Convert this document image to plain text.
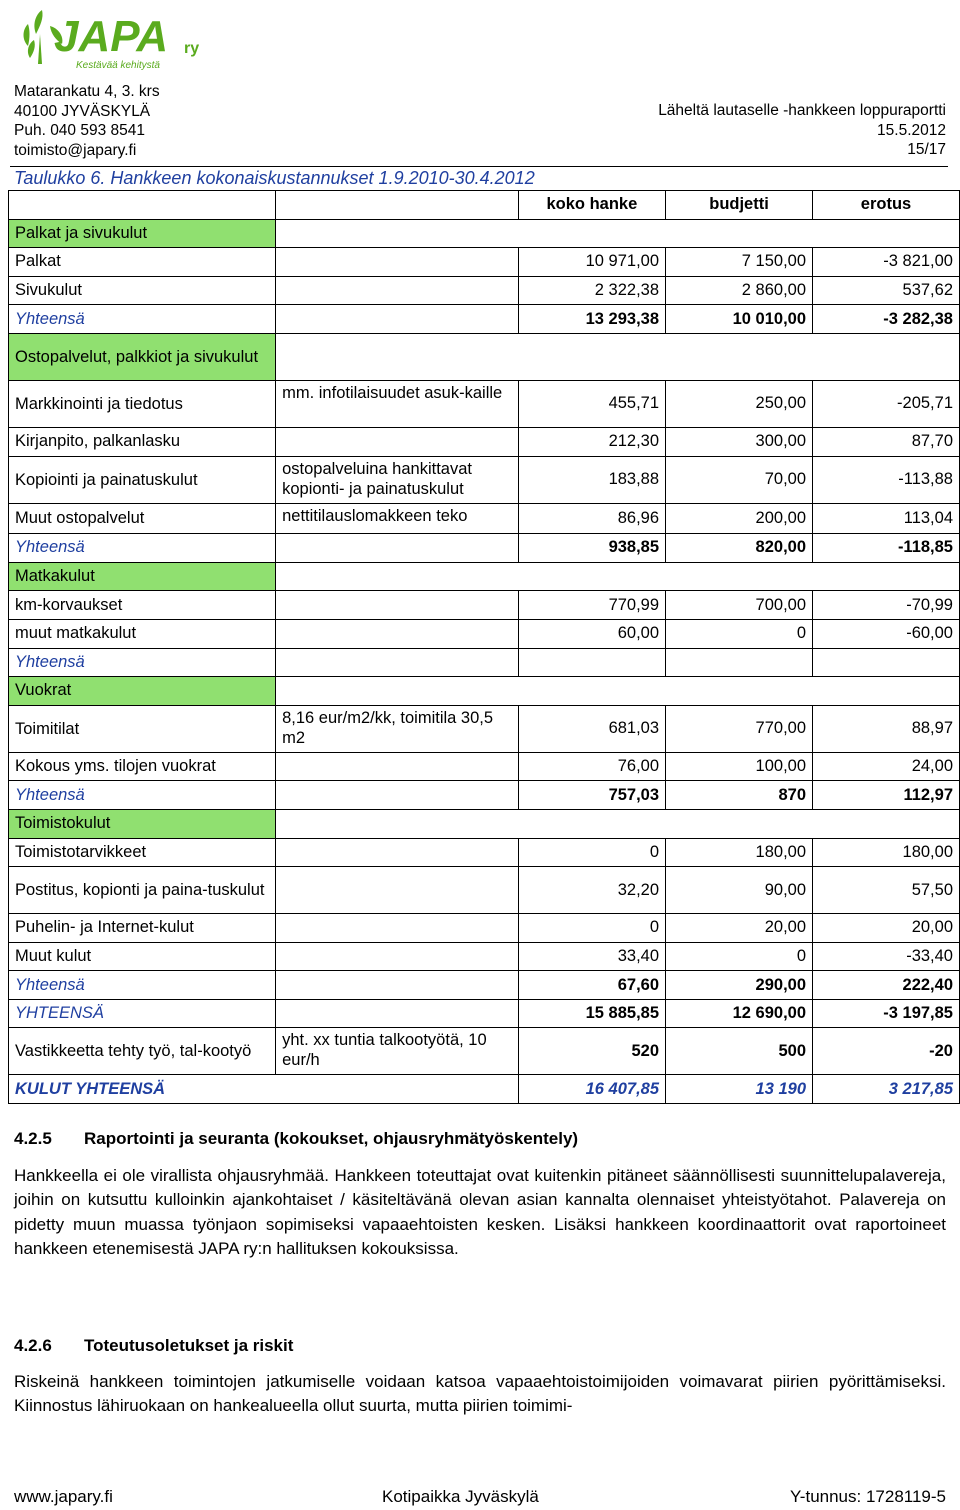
JAPA ry
Kestävää kehitystä
Matarankatu 4, 3. krs
40100 JYVÄSKYLÄ
Puh. 040 593 8541
toimisto@japary.fi
Läheltä lautaselle -hankkeen loppuraportti
15.5.2012
15/17
Taulukko 6. Hankkeen kokonaiskustannukset 1.9.2010-30.4.2012
		koko hanke	budjetti	erotus
Palkat ja sivukulut				
Palkat		10 971,00	7 150,00	-3 821,00
Sivukulut		2 322,38	2 860,00	537,62
Yhteensä		13 293,38	10 010,00	-3 282,38
Ostopalvelut, palkkiot ja sivukulut				
Markkinointi ja tiedotus	mm. infotilaisuudet asuk-kaille	455,71	250,00	-205,71
Kirjanpito, palkanlasku		212,30	300,00	87,70
Kopiointi ja painatuskulut	ostopalveluina hankittavat kopionti- ja painatuskulut	183,88	70,00	-113,88
Muut ostopalvelut	nettitilauslomakkeen teko	86,96	200,00	113,04
Yhteensä		938,85	820,00	-118,85
Matkakulut				
km-korvaukset		770,99	700,00	-70,99
muut matkakulut		60,00	0	-60,00
Yhteensä				
Vuokrat				
Toimitilat	8,16 eur/m2/kk, toimitila 30,5 m2	681,03	770,00	88,97
Kokous yms. tilojen vuokrat		76,00	100,00	24,00
Yhteensä		757,03	870	112,97
Toimistokulut				
Toimistotarvikkeet		0	180,00	180,00
Postitus, kopionti ja paina-tuskulut		32,20	90,00	57,50
Puhelin- ja Internet-kulut		0	20,00	20,00
Muut kulut		33,40	0	-33,40
Yhteensä		67,60	290,00	222,40
YHTEENSÄ		15 885,85	12 690,00	-3 197,85
Vastikkeetta tehty työ, tal-kootyö	yht. xx tuntia talkootyötä, 10 eur/h	520	500	-20
KULUT YHTEENSÄ		16 407,85	13 190	3 217,85
4.2.5 Raportointi ja seuranta (kokoukset, ohjausryhmätyöskentely)
Hankkeella ei ole virallista ohjausryhmää. Hankkeen toteuttajat ovat kuitenkin pitäneet säännöllisesti suunnittelupalavereja, joihin on kutsuttu kulloinkin ajankohtaiset / käsiteltävänä olevan asian kannalta olennaiset yhteistyötahot. Palavereja on pidetty muun muassa työnjaon sopimiseksi vapaaehtoisten kesken. Lisäksi hankkeen koordinaattorit ovat raportoineet hankkeen etenemisestä JAPA ry:n hallituksen kokouksissa.
4.2.6 Toteutusoletukset ja riskit
Riskeinä hankkeen toimintojen jatkumiselle voidaan katsoa vapaaehtoistoimijoiden voimavarat piirien pyörittämiseksi. Kiinnostus lähiruokaan on hankealueella ollut suurta, mutta piirien toimimi-
www.japary.fi	Kotipaikka Jyväskylä	Y-tunnus: 1728119-5
